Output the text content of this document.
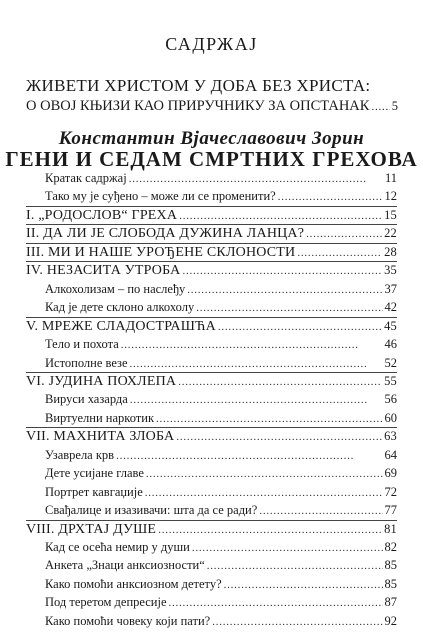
САДРЖАЈ
ЖИВЕТИ ХРИСТОМ У ДОБА БЕЗ ХРИСТА:
О ОВОЈ КЊИЗИ КАО ПРИРУЧНИКУ ЗА ОПСТАНАК . . . 5
Константин Вјачеславович Зорин
ГЕНИ И СЕДАМ СМРТНИХ ГРЕХОВА
Кратак садржај . . .	11
Тако му је суђено – може ли се променити? . . .	12
I. „РОДОСЛОВ“ ГРЕХА . . .	15
II. ДА ЛИ ЈЕ СЛОБОДА ДУЖИНА ЛАНЦА? . . .	22
III. МИ И НАШЕ УРОЂЕНЕ СКЛОНОСТИ . . .	28
IV. НЕЗАСИТА УТРОБА . . .	35
Алкохолизам – по наслеђу . . .	37
Кад је дете склоно алкохолу . . .	42
V. МРЕЖЕ СЛАДОСТРАШЋА . . .	45
Тело и похота . . .	46
Истополне везе . . .	52
VI. ЈУДИНА ПОХЛЕПА . . .	55
Вируси хазарда . . .	56
Виртуелни наркотик . . .	60
VII. МАХНИТА ЗЛОБА . . .	63
Узаврела крв . . .	64
Дете усијане главе . . .	69
Портрет кавгаџије . . .	72
Свађалице и изазивачи: шта да се ради? . . .	77
VIII. ДРХТАЈ ДУШЕ . . .	81
Кад се осећа немир у души . . .	82
Анкета „Знаци анксиозности“ . . .	85
Како помоћи анксиозном детету? . . .	85
Под теретом депресије . . .	87
Како помоћи човеку који пати? . . .	92
